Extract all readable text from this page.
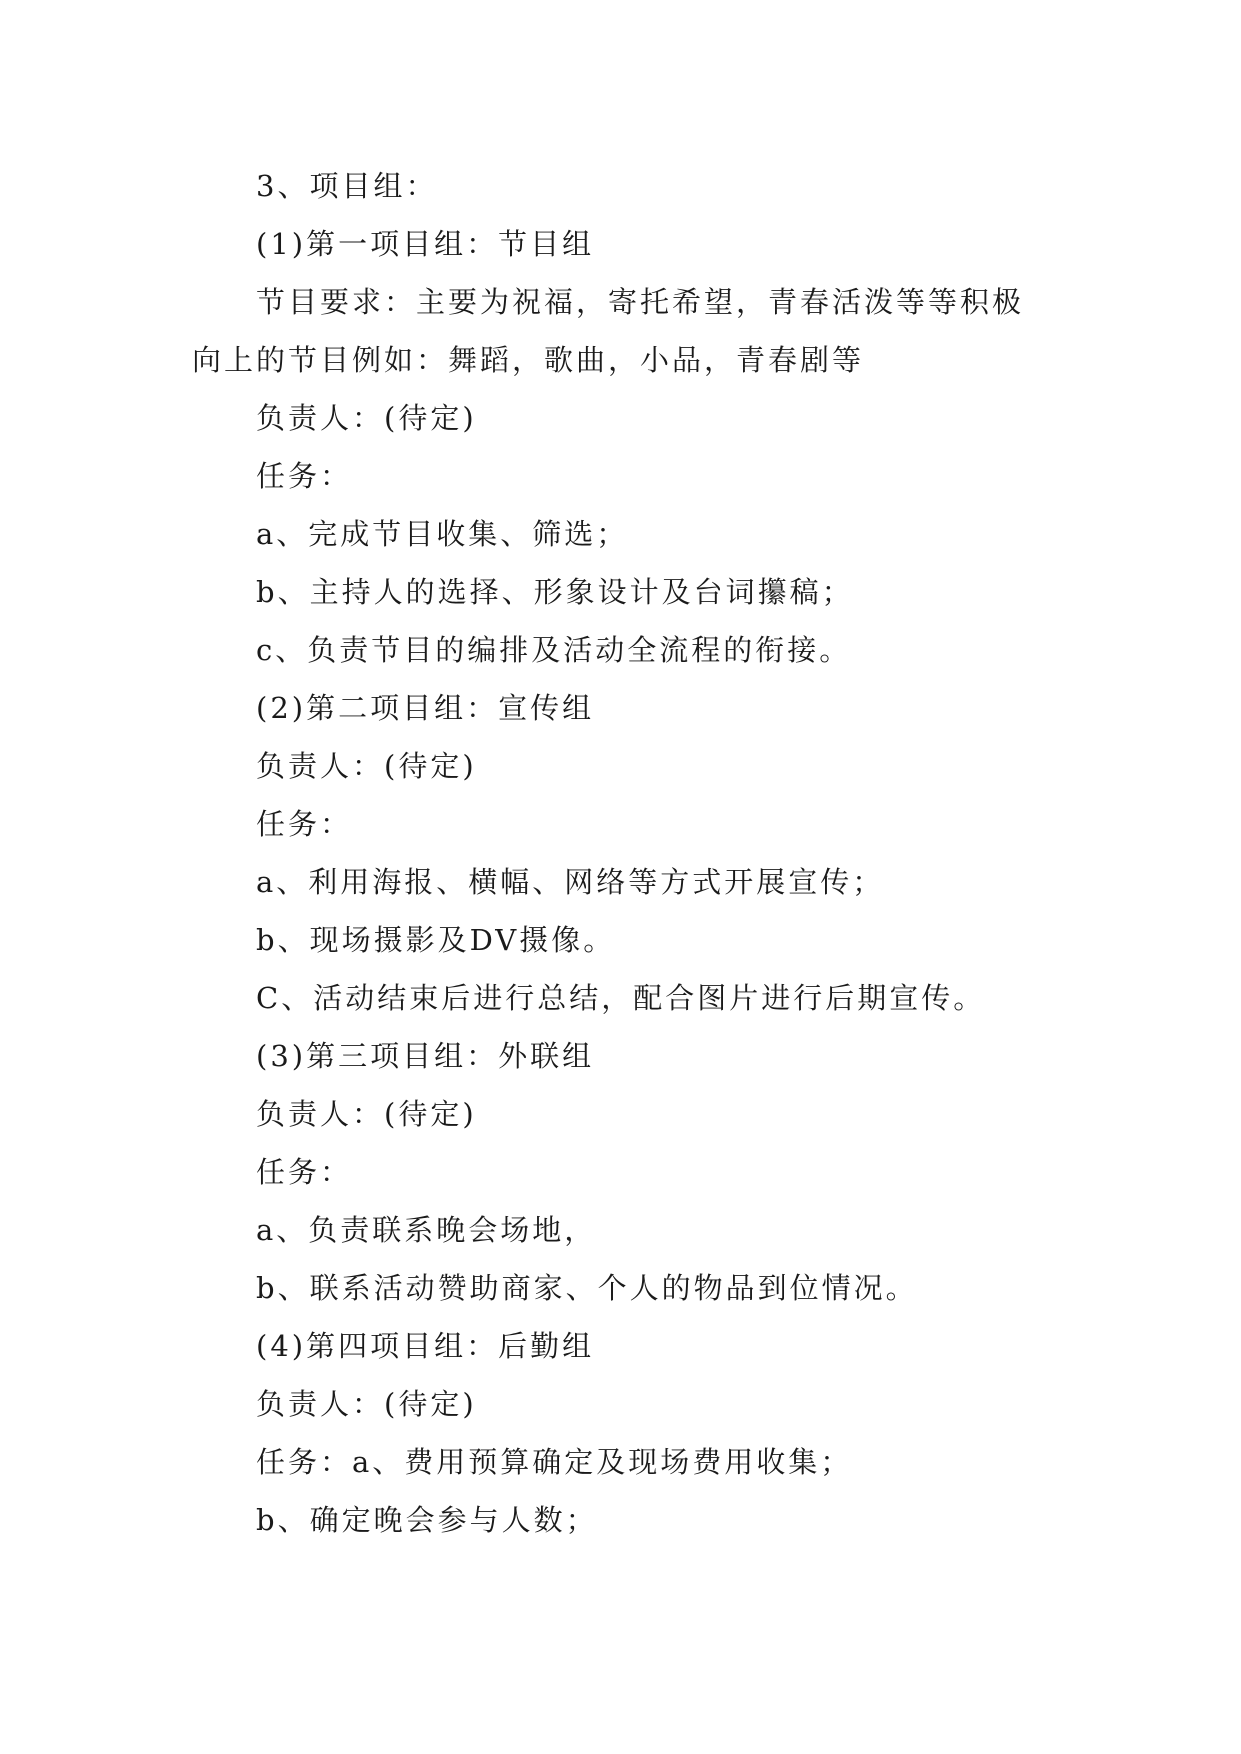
3、项目组：
(1)第一项目组：节目组
节目要求：主要为祝福，寄托希望，青春活泼等等积极
向上的节目例如：舞蹈，歌曲，小品，青春剧等
负责人：(待定)
任务：
a、完成节目收集、筛选；
b、主持人的选择、形象设计及台词攥稿；
c、负责节目的编排及活动全流程的衔接。
(2)第二项目组：宣传组
负责人：(待定)
任务：
a、利用海报、横幅、网络等方式开展宣传；
b、现场摄影及DV摄像。
C、活动结束后进行总结，配合图片进行后期宣传。
(3)第三项目组：外联组
负责人：(待定)
任务：
a、负责联系晚会场地，
b、联系活动赞助商家、个人的物品到位情况。
(4)第四项目组：后勤组
负责人：(待定)
任务：a、费用预算确定及现场费用收集；
b、确定晚会参与人数；
